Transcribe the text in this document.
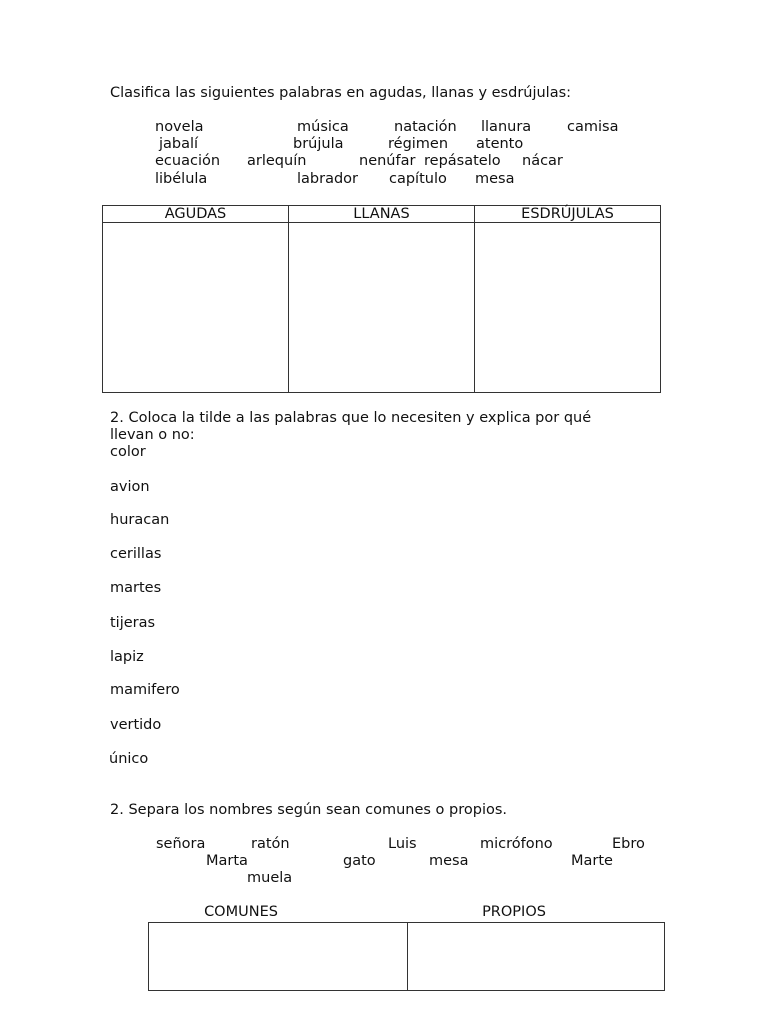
Clasifica las siguientes palabras en agudas, llanas y esdrújulas:
novela	música	natación llanura camisa
jabalí	brújula	régimen atento
ecuación arlequín	nenúfar repásatelo nácar
libélula	labrador capítulo mesa
AGUDAS	LLANAS	ESDRÚJULAS

2. Coloca la tilde a las palabras que lo necesiten y explica por qué
llevan o no:
color
avion
huracan
cerillas
martes
tijeras
lapiz
mamifero
vertido
único
2. Separa los nombres según sean comunes o propios.
señora	ratón	Luis	micrófono	Ebro
Marta	gato	mesa	Marte
muela
COMUNES	PROPIOS
